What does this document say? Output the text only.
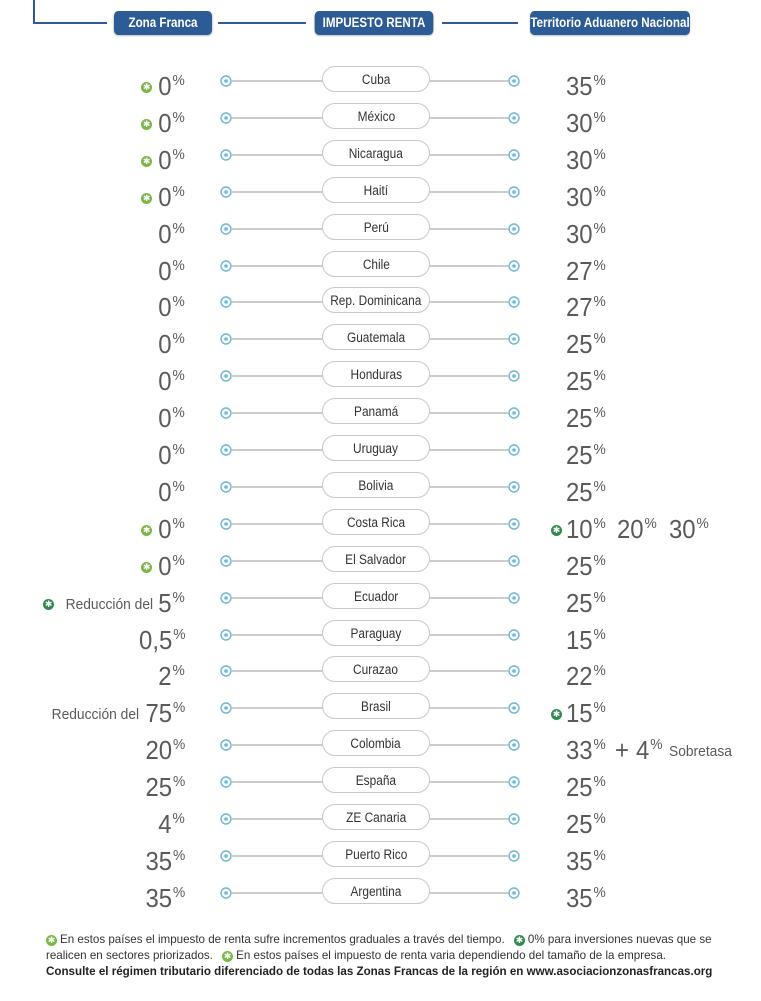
Zona Franca	IMPUESTO RENTA	Territorio Aduanero Nacional
✱ 0%	Cuba	35%
✱ 0%	México	30%
✱ 0%	Nicaragua	30%
✱ 0%	Haití	30%
0%	Perú	30%
0%	Chile	27%
0%	Rep. Dominicana	27%
0%	Guatemala	25%
0%	Honduras	25%
0%	Panamá	25%
0%	Uruguay	25%
0%	Bolivia	25%
✱ 0%	Costa Rica	✱ 10% 20% 30%
✱ 0%	El Salvador	25%
✱ Reducción del 5%	Ecuador	25%
0,5%	Paraguay	15%
2%	Curazao	22%
Reducción del 75%	Brasil	✱ 15%
20%	Colombia	33% + 4% Sobretasa
25%	España	25%
4%	ZE Canaria	25%
35%	Puerto Rico	35%
35%	Argentina	35%
✱ En estos países el impuesto de renta sufre incrementos graduales a través del tiempo. ✱ 0% para inversiones nuevas que se realicen en sectores priorizados. ✱ En estos países el impuesto de renta varia dependiendo del tamaño de la empresa.
Consulte el régimen tributario diferenciado de todas las Zonas Francas de la región en www.asociacionzonasfrancas.org
